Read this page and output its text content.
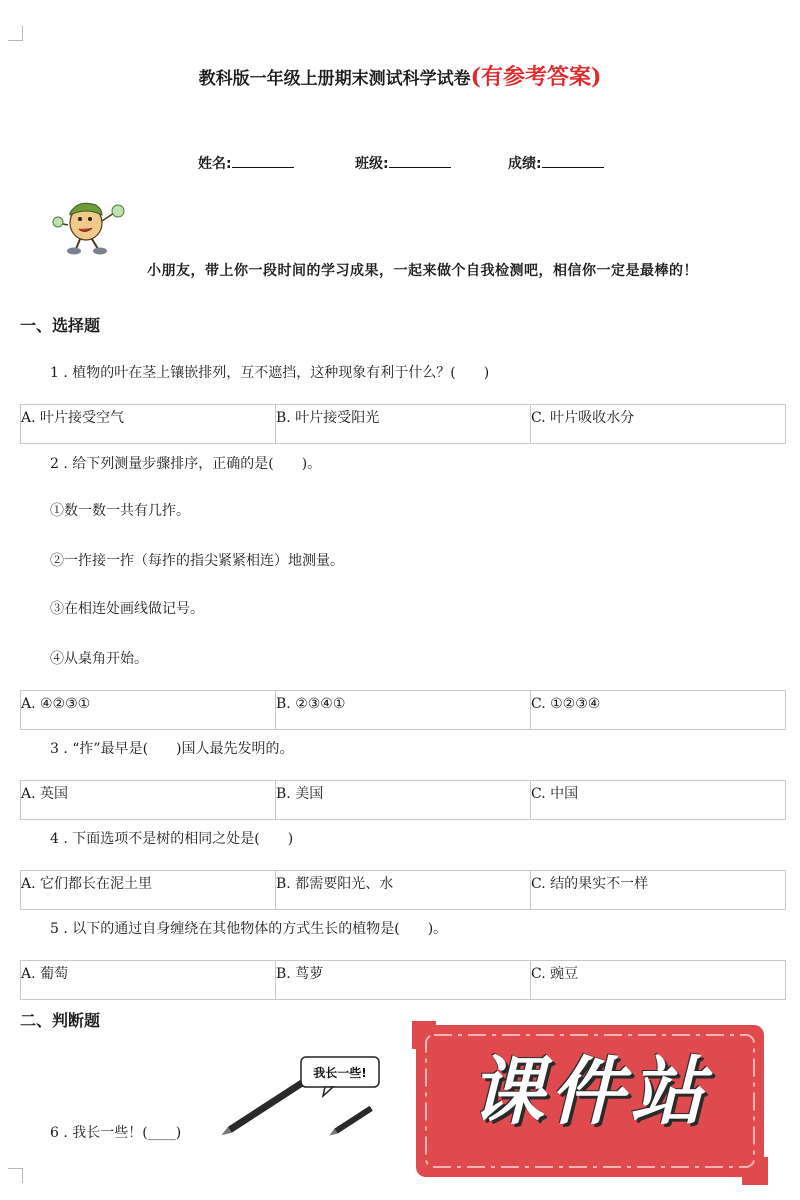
教科版一年级上册期末测试科学试卷(有参考答案)
姓名:	班级:	成绩:
小朋友，带上你一段时间的学习成果，一起来做个自我检测吧，相信你一定是最棒的！
一、选择题
1 . 植物的叶在茎上镶嵌排列，互不遮挡，这种现象有利于什么？(　　)
A. 叶片接受空气	B. 叶片接受阳光	C. 叶片吸收水分
2 . 给下列测量步骤排序，正确的是(　　)。
①数一数一共有几拃。
②一拃接一拃（每拃的指尖紧紧相连）地测量。
③在相连处画线做记号。
④从桌角开始。
A. ④②③①	B. ②③④①	C. ①②③④
3 . “拃”最早是(　　)国人最先发明的。
A. 英国	B. 美国	C. 中国
4 . 下面选项不是树的相同之处是(　　)
A. 它们都长在泥土里	B. 都需要阳光、水	C. 结的果实不一样
5 . 以下的通过自身缠绕在其他物体的方式生长的植物是(　　)。
A. 葡萄	B. 茑萝	C. 豌豆
二、判断题
我长一些!
6 . 我长一些！(____)	课件站
